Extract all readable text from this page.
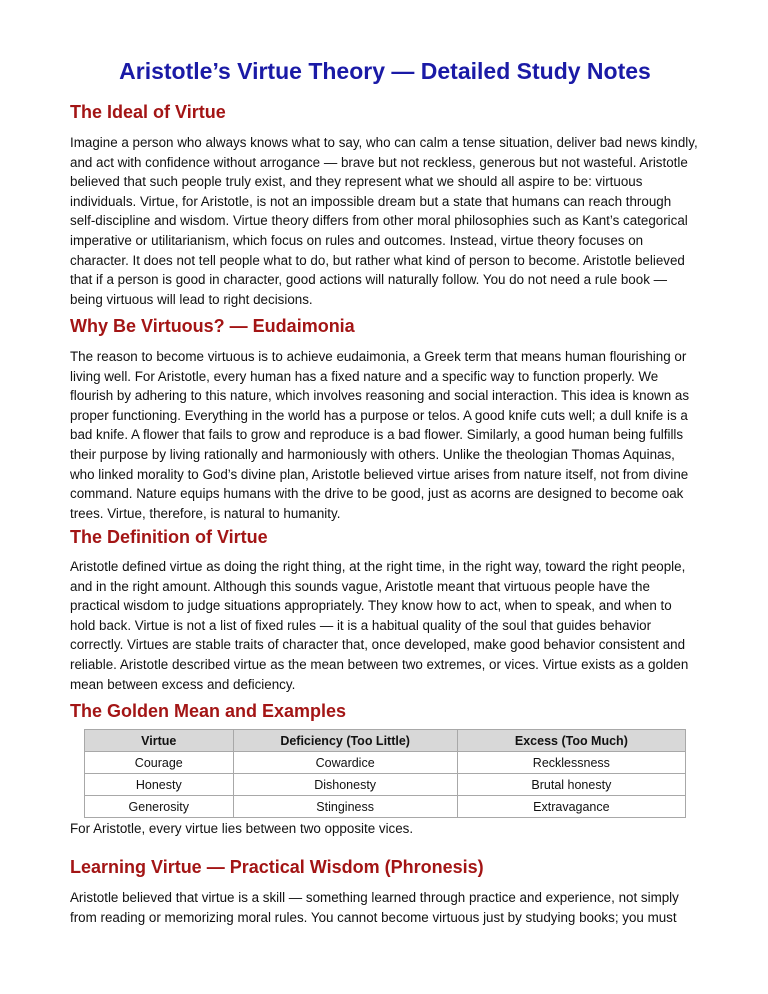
Aristotle’s Virtue Theory — Detailed Study Notes
The Ideal of Virtue

Imagine a person who always knows what to say, who can calm a tense situation, deliver bad news kindly, and act with confidence without arrogance — brave but not reckless, generous but not wasteful. Aristotle believed that such people truly exist, and they represent what we should all aspire to be: virtuous individuals. Virtue, for Aristotle, is not an impossible dream but a state that humans can reach through self-discipline and wisdom. Virtue theory differs from other moral philosophies such as Kant’s categorical imperative or utilitarianism, which focus on rules and outcomes. Instead, virtue theory focuses on character. It does not tell people what to do, but rather what kind of person to become. Aristotle believed that if a person is good in character, good actions will naturally follow. You do not need a rule book — being virtuous will lead to right decisions.

Why Be Virtuous? — Eudaimonia

The reason to become virtuous is to achieve eudaimonia, a Greek term that means human flourishing or living well. For Aristotle, every human has a fixed nature and a specific way to function properly. We flourish by adhering to this nature, which involves reasoning and social interaction. This idea is known as proper functioning. Everything in the world has a purpose or telos. A good knife cuts well; a dull knife is a bad knife. A flower that fails to grow and reproduce is a bad flower. Similarly, a good human being fulfills their purpose by living rationally and harmoniously with others. Unlike the theologian Thomas Aquinas, who linked morality to God’s divine plan, Aristotle believed virtue arises from nature itself, not from divine command. Nature equips humans with the drive to be good, just as acorns are designed to become oak trees. Virtue, therefore, is natural to humanity.

The Definition of Virtue

Aristotle defined virtue as doing the right thing, at the right time, in the right way, toward the right people, and in the right amount. Although this sounds vague, Aristotle meant that virtuous people have the practical wisdom to judge situations appropriately. They know how to act, when to speak, and when to hold back. Virtue is not a list of fixed rules — it is a habitual quality of the soul that guides behavior correctly. Virtues are stable traits of character that, once developed, make good behavior consistent and reliable. Aristotle described virtue as the mean between two extremes, or vices. Virtue exists as a golden mean between excess and deficiency.

The Golden Mean and Examples
Virtue	Deficiency (Too Little)	Excess (Too Much)
Courage	Cowardice	Recklessness
Honesty	Dishonesty	Brutal honesty
Generosity	Stinginess	Extravagance

For Aristotle, every virtue lies between two opposite vices.

Learning Virtue — Practical Wisdom (Phronesis)

Aristotle believed that virtue is a skill — something learned through practice and experience, not simply from reading or memorizing moral rules. You cannot become virtuous just by studying books; you must
